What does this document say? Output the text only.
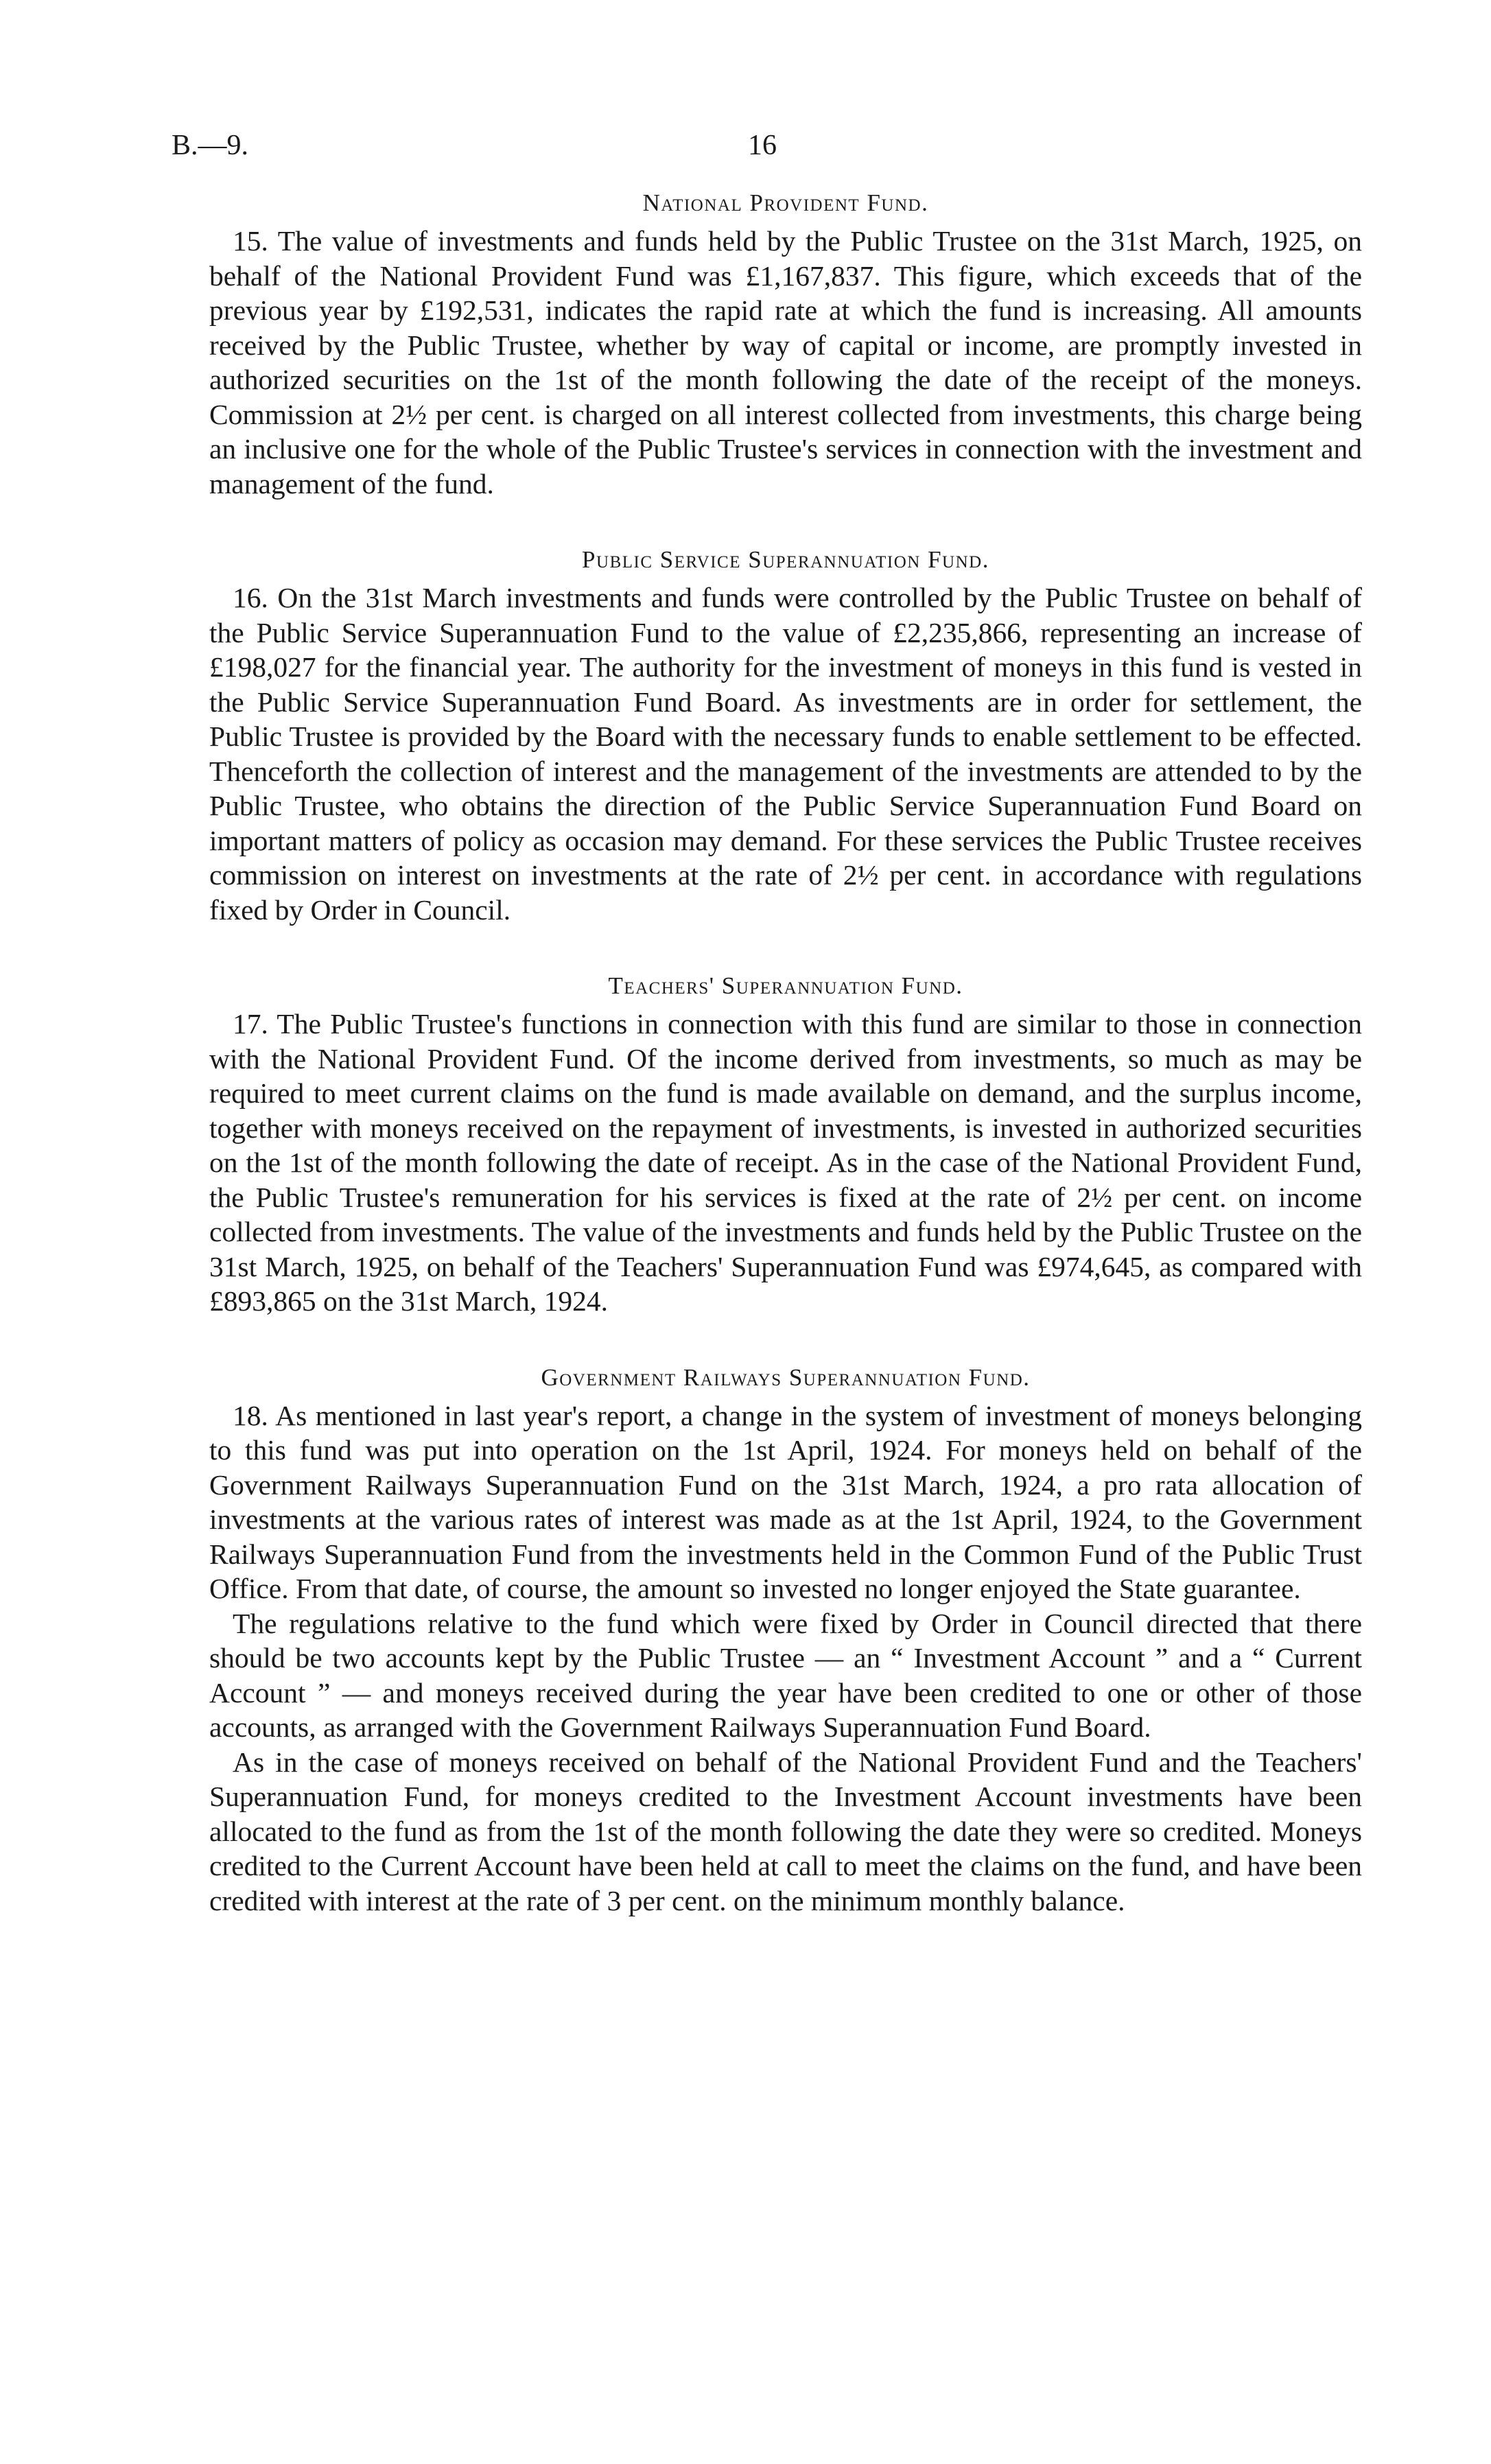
B.—9.	16
National Provident Fund.

15. The value of investments and funds held by the Public Trustee on the 31st March, 1925, on behalf of the National Provident Fund was £1,167,837. This figure, which exceeds that of the previous year by £192,531, indicates the rapid rate at which the fund is increasing. All amounts received by the Public Trustee, whether by way of capital or income, are promptly invested in authorized securities on the 1st of the month following the date of the receipt of the moneys. Commission at 2½ per cent. is charged on all interest collected from investments, this charge being an inclusive one for the whole of the Public Trustee's services in connection with the investment and management of the fund.

Public Service Superannuation Fund.

16. On the 31st March investments and funds were controlled by the Public Trustee on behalf of the Public Service Superannuation Fund to the value of £2,235,866, representing an increase of £198,027 for the financial year. The authority for the investment of moneys in this fund is vested in the Public Service Superannuation Fund Board. As investments are in order for settlement, the Public Trustee is provided by the Board with the necessary funds to enable settlement to be effected. Thenceforth the collection of interest and the management of the investments are attended to by the Public Trustee, who obtains the direction of the Public Service Superannuation Fund Board on important matters of policy as occasion may demand. For these services the Public Trustee receives commission on interest on investments at the rate of 2½ per cent. in accordance with regulations fixed by Order in Council.

Teachers' Superannuation Fund.

17. The Public Trustee's functions in connection with this fund are similar to those in connection with the National Provident Fund. Of the income derived from investments, so much as may be required to meet current claims on the fund is made available on demand, and the surplus income, together with moneys received on the repayment of investments, is invested in authorized securities on the 1st of the month following the date of receipt. As in the case of the National Provident Fund, the Public Trustee's remuneration for his services is fixed at the rate of 2½ per cent. on income collected from investments. The value of the investments and funds held by the Public Trustee on the 31st March, 1925, on behalf of the Teachers' Superannuation Fund was £974,645, as compared with £893,865 on the 31st March, 1924.

Government Railways Superannuation Fund.

18. As mentioned in last year's report, a change in the system of investment of moneys belonging to this fund was put into operation on the 1st April, 1924. For moneys held on behalf of the Government Railways Superannuation Fund on the 31st March, 1924, a pro rata allocation of investments at the various rates of interest was made as at the 1st April, 1924, to the Government Railways Superannuation Fund from the investments held in the Common Fund of the Public Trust Office. From that date, of course, the amount so invested no longer enjoyed the State guarantee.

The regulations relative to the fund which were fixed by Order in Council directed that there should be two accounts kept by the Public Trustee — an “ Investment Account ” and a “ Current Account ” — and moneys received during the year have been credited to one or other of those accounts, as arranged with the Government Railways Superannuation Fund Board.

As in the case of moneys received on behalf of the National Provident Fund and the Teachers' Superannuation Fund, for moneys credited to the Investment Account investments have been allocated to the fund as from the 1st of the month following the date they were so credited. Moneys credited to the Current Account have been held at call to meet the claims on the fund, and have been credited with interest at the rate of 3 per cent. on the minimum monthly balance.
